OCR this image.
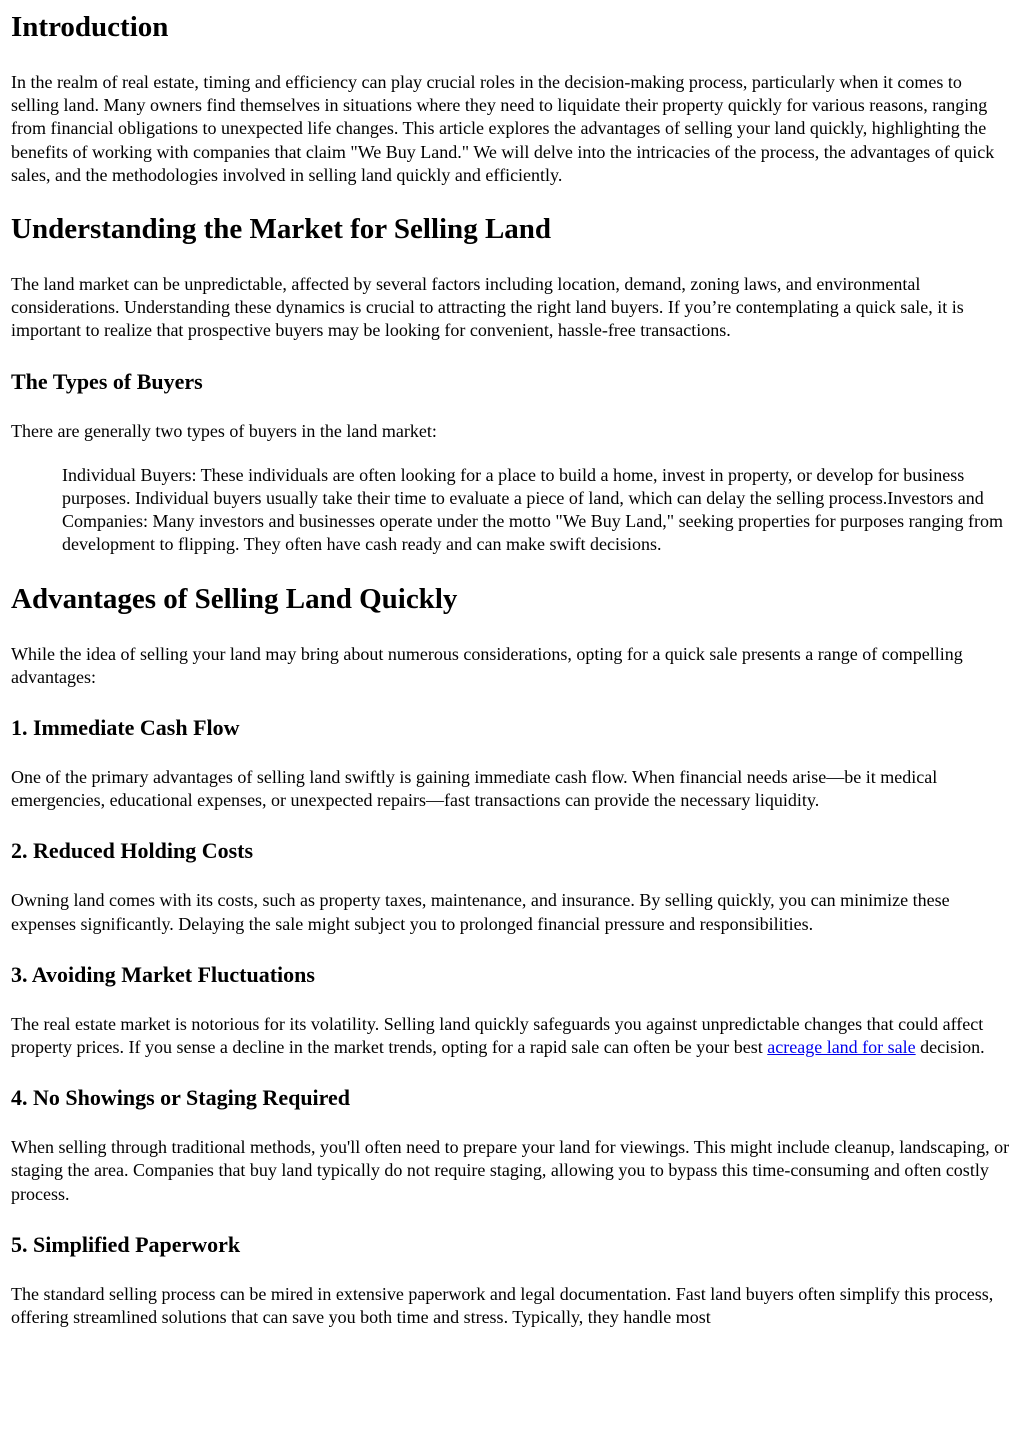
Introduction

In the realm of real estate, timing and efficiency can play crucial roles in the decision-making process, particularly when it comes to selling land. Many owners find themselves in situations where they need to liquidate their property quickly for various reasons, ranging from financial obligations to unexpected life changes. This article explores the advantages of selling your land quickly, highlighting the benefits of working with companies that claim "We Buy Land." We will delve into the intricacies of the process, the advantages of quick sales, and the methodologies involved in selling land quickly and efficiently.

Understanding the Market for Selling Land

The land market can be unpredictable, affected by several factors including location, demand, zoning laws, and environmental considerations. Understanding these dynamics is crucial to attracting the right land buyers. If you’re contemplating a quick sale, it is important to realize that prospective buyers may be looking for convenient, hassle-free transactions.

The Types of Buyers

There are generally two types of buyers in the land market:

Individual Buyers: These individuals are often looking for a place to build a home, invest in property, or develop for business purposes. Individual buyers usually take their time to evaluate a piece of land, which can delay the selling process.Investors and Companies: Many investors and businesses operate under the motto "We Buy Land," seeking properties for purposes ranging from development to flipping. They often have cash ready and can make swift decisions.

Advantages of Selling Land Quickly

While the idea of selling your land may bring about numerous considerations, opting for a quick sale presents a range of compelling advantages:

1. Immediate Cash Flow

One of the primary advantages of selling land swiftly is gaining immediate cash flow. When financial needs arise—be it medical emergencies, educational expenses, or unexpected repairs—fast transactions can provide the necessary liquidity.

2. Reduced Holding Costs

Owning land comes with its costs, such as property taxes, maintenance, and insurance. By selling quickly, you can minimize these expenses significantly. Delaying the sale might subject you to prolonged financial pressure and responsibilities.

3. Avoiding Market Fluctuations

The real estate market is notorious for its volatility. Selling land quickly safeguards you against unpredictable changes that could affect property prices. If you sense a decline in the market trends, opting for a rapid sale can often be your best acreage land for sale decision.

4. No Showings or Staging Required

When selling through traditional methods, you'll often need to prepare your land for viewings. This might include cleanup, landscaping, or staging the area. Companies that buy land typically do not require staging, allowing you to bypass this time-consuming and often costly process.

5. Simplified Paperwork

The standard selling process can be mired in extensive paperwork and legal documentation. Fast land buyers often simplify this process, offering streamlined solutions that can save you both time and stress. Typically, they handle most
